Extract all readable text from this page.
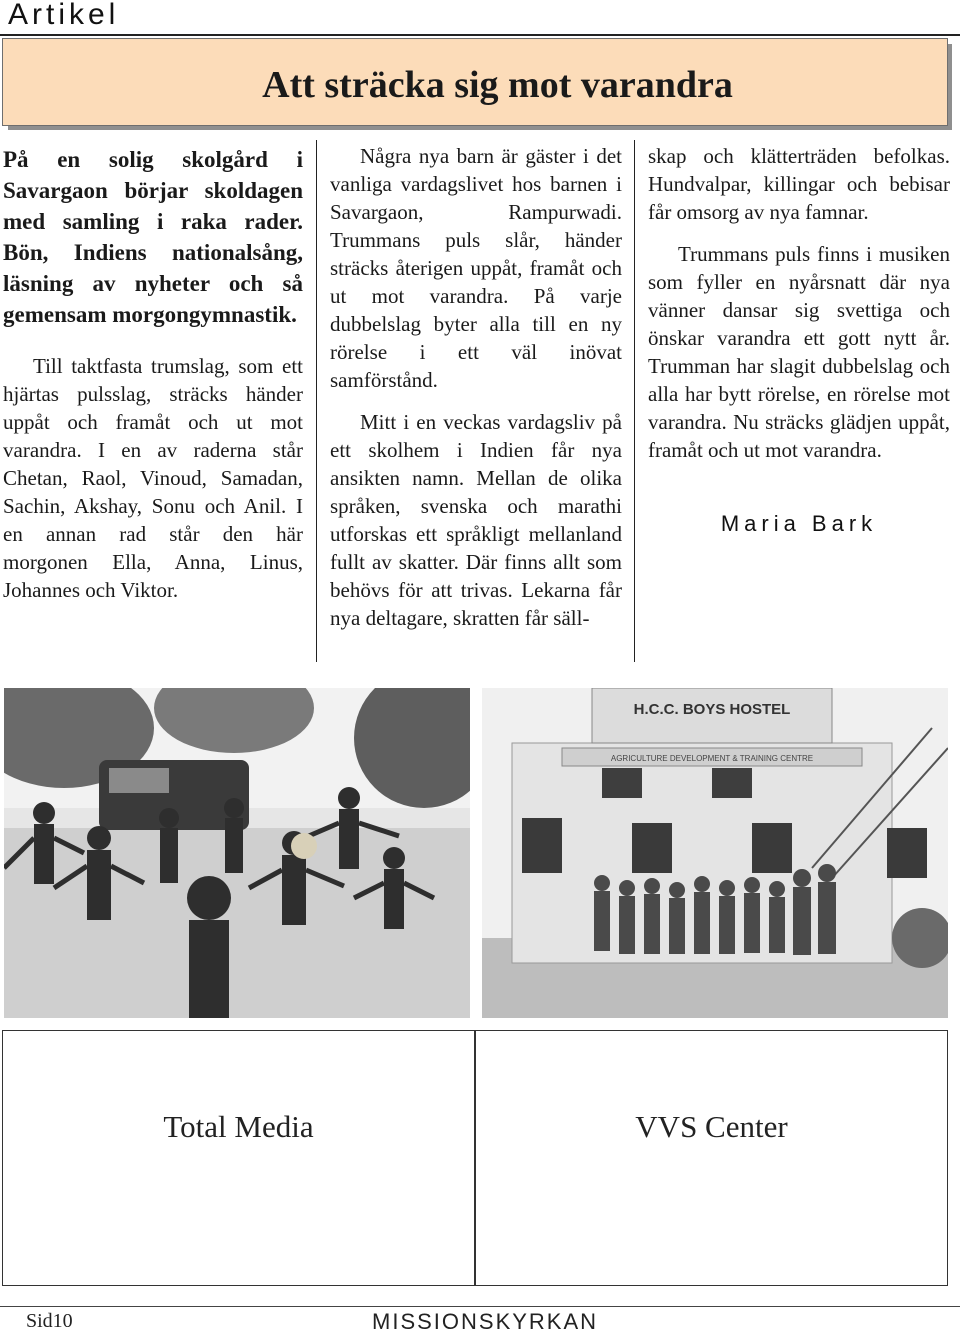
Artikel
Att sträcka sig mot varandra

På en solig skolgård i Savargaon börjar skoldagen med samling i raka rader. Bön, Indiens nationalsång, läsning av nyheter och så gemensam morgongymnastik.

Till taktfasta trumslag, som ett hjärtas pulsslag, sträcks händer uppåt och framåt och ut mot varandra. I en av raderna står Chetan, Raol, Vinoud, Samadan, Sachin, Akshay, Sonu och Anil. I en annan rad står den här morgonen Ella, Anna, Linus, Johannes och Viktor.

Några nya barn är gäster i det vanliga vardagslivet hos barnen i Savargaon, Rampurwadi. Trummans puls slår, händer sträcks återigen uppåt, framåt och ut mot varandra. På varje dubbelslag byter alla till en ny rörelse i ett väl inövat samförstånd.

Mitt i en veckas vardagsliv på ett skolhem i Indien får nya ansikten namn. Mellan de olika språken, svenska och marathi utforskas ett språkligt mellanland fullt av skatter. Där finns allt som behövs för att trivas. Lekarna får nya deltagare, skratten får säll-

skap och klätterträden befolkas. Hundvalpar, killingar och bebisar får omsorg av nya famnar.

Trummans puls finns i musiken som fyller en nyårsnatt där nya vänner dansar sig svettiga och önskar varandra ett gott nytt år. Trumman har slagit dubbelslag och alla har bytt rörelse, en rörelse mot varandra. Nu sträcks glädjen uppåt, framåt och ut mot varandra.

Maria Bark
H.C.C. BOYS HOSTEL
AGRICULTURE DEVELOPMENT & TRAINING CENTRE
Total Media	VVS Center
Sid10	MISSIONSKYRKAN
